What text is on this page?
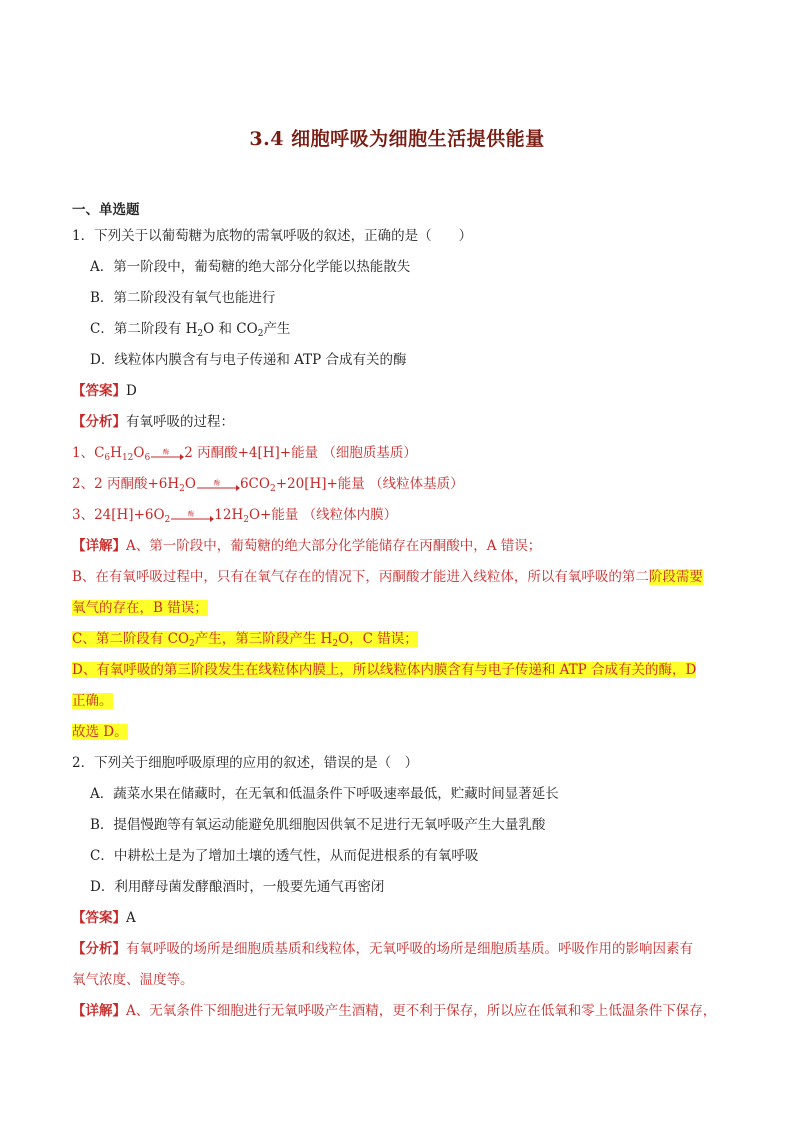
3.4 细胞呼吸为细胞生活提供能量
一、单选题
1．下列关于以葡萄糖为底物的需氧呼吸的叙述，正确的是（　　）
A．第一阶段中，葡萄糖的绝大部分化学能以热能散失
B．第二阶段没有氧气也能进行
C．第二阶段有 $H_2O$ 和 $CO_2$产生
D．线粒体内膜含有与电子传递和 ATP 合成有关的酶
【答案】D
【分析】有氧呼吸的过程：
1、$C_6H_{12}O_6$
酶 2 丙酮酸+4[H]+能量 （细胞质基质）
2、2 丙酮酸$+6H_2O$	酶 $6CO_2+20[H]+$能量 （线粒体基质）
3、$24[H]+6O_2$
酶 $12H_2O+$能量 （线粒体内膜）
【详解】A、第一阶段中，葡萄糖的绝大部分化学能储存在丙酮酸中，A 错误；
B、在有氧呼吸过程中，只有在氧气存在的情况下，丙酮酸才能进入线粒体，所以有氧呼吸的第二阶段需要
氧气的存在，B 错误；
C、第二阶段有 $CO_2$产生，第三阶段产生 $H_2O$，C 错误；
D、有氧呼吸的第三阶段发生在线粒体内膜上，所以线粒体内膜含有与电子传递和 ATP 合成有关的酶，D
正确。
故选 D。
2．下列关于细胞呼吸原理的应用的叙述，错误的是（　）
A．蔬菜水果在储藏时，在无氧和低温条件下呼吸速率最低，贮藏时间显著延长
B．提倡慢跑等有氧运动能避免肌细胞因供氧不足进行无氧呼吸产生大量乳酸
C．中耕松土是为了增加土壤的透气性，从而促进根系的有氧呼吸
D．利用酵母菌发酵酿酒时，一般要先通气再密闭
【答案】A
【分析】有氧呼吸的场所是细胞质基质和线粒体，无氧呼吸的场所是细胞质基质。呼吸作用的影响因素有
氧气浓度、温度等。
【详解】A、无氧条件下细胞进行无氧呼吸产生酒精，更不利于保存，所以应在低氧和零上低温条件下保存，
